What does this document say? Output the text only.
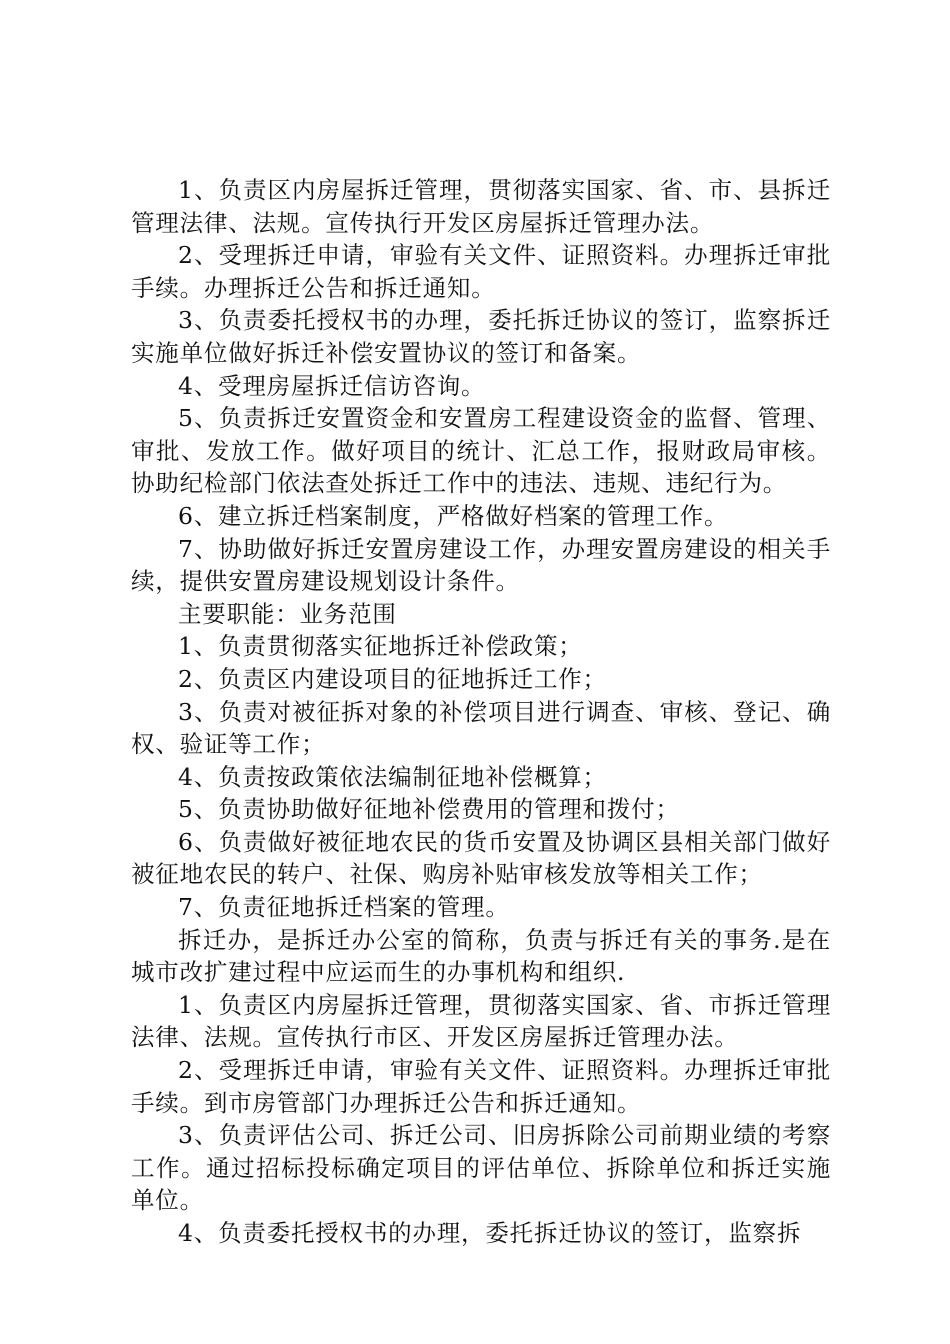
1、负责区内房屋拆迁管理，贯彻落实国家、省、市、县拆迁管理法律、法规。宣传执行开发区房屋拆迁管理办法。

2、受理拆迁申请，审验有关文件、证照资料。办理拆迁审批手续。办理拆迁公告和拆迁通知。

3、负责委托授权书的办理，委托拆迁协议的签订，监察拆迁实施单位做好拆迁补偿安置协议的签订和备案。

4、受理房屋拆迁信访咨询。

5、负责拆迁安置资金和安置房工程建设资金的监督、管理、审批、发放工作。做好项目的统计、汇总工作，报财政局审核。协助纪检部门依法查处拆迁工作中的违法、违规、违纪行为。

6、建立拆迁档案制度，严格做好档案的管理工作。

7、协助做好拆迁安置房建设工作，办理安置房建设的相关手续，提供安置房建设规划设计条件。

主要职能：业务范围

1、负责贯彻落实征地拆迁补偿政策；

2、负责区内建设项目的征地拆迁工作；

3、负责对被征拆对象的补偿项目进行调查、审核、登记、确权、验证等工作；

4、负责按政策依法编制征地补偿概算；

5、负责协助做好征地补偿费用的管理和拨付；

6、负责做好被征地农民的货币安置及协调区县相关部门做好被征地农民的转户、社保、购房补贴审核发放等相关工作；

7、负责征地拆迁档案的管理。

拆迁办，是拆迁办公室的简称，负责与拆迁有关的事务.是在城市改扩建过程中应运而生的办事机构和组织.

1、负责区内房屋拆迁管理，贯彻落实国家、省、市拆迁管理法律、法规。宣传执行市区、开发区房屋拆迁管理办法。

2、受理拆迁申请，审验有关文件、证照资料。办理拆迁审批手续。到市房管部门办理拆迁公告和拆迁通知。

3、负责评估公司、拆迁公司、旧房拆除公司前期业绩的考察工作。通过招标投标确定项目的评估单位、拆除单位和拆迁实施单位。

4、负责委托授权书的办理，委托拆迁协议的签订，监察拆
